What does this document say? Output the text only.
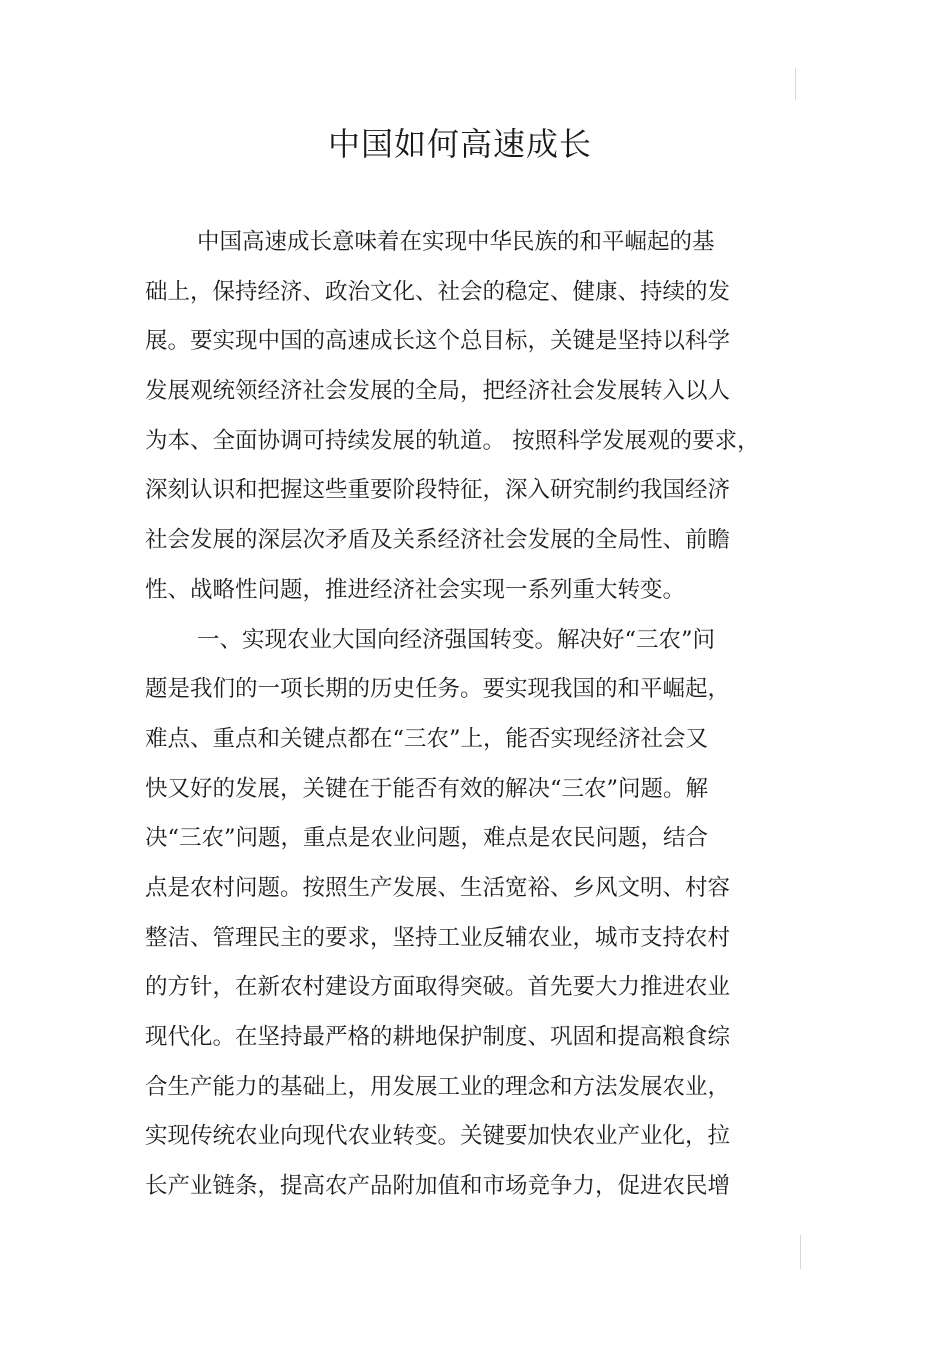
中国如何高速成长
中国高速成长意味着在实现中华民族的和平崛起的基
础上，保持经济、政治文化、社会的稳定、健康、持续的发
展。要实现中国的高速成长这个总目标，关键是坚持以科学
发展观统领经济社会发展的全局，把经济社会发展转入以人
为本、全面协调可持续发展的轨道。 按照科学发展观的要求，
深刻认识和把握这些重要阶段特征，深入研究制约我国经济
社会发展的深层次矛盾及关系经济社会发展的全局性、前瞻
性、战略性问题，推进经济社会实现一系列重大转变。
一、实现农业大国向经济强国转变。解决好“三农”问
题是我们的一项长期的历史任务。要实现我国的和平崛起，
难点、重点和关键点都在“三农”上，能否实现经济社会又
快又好的发展，关键在于能否有效的解决“三农”问题。解
决“三农”问题，重点是农业问题，难点是农民问题，结合
点是农村问题。按照生产发展、生活宽裕、乡风文明、村容
整洁、管理民主的要求，坚持工业反辅农业，城市支持农村
的方针，在新农村建设方面取得突破。首先要大力推进农业
现代化。在坚持最严格的耕地保护制度、巩固和提高粮食综
合生产能力的基础上，用发展工业的理念和方法发展农业，
实现传统农业向现代农业转变。关键要加快农业产业化，拉
长产业链条，提高农产品附加值和市场竞争力，促进农民增
